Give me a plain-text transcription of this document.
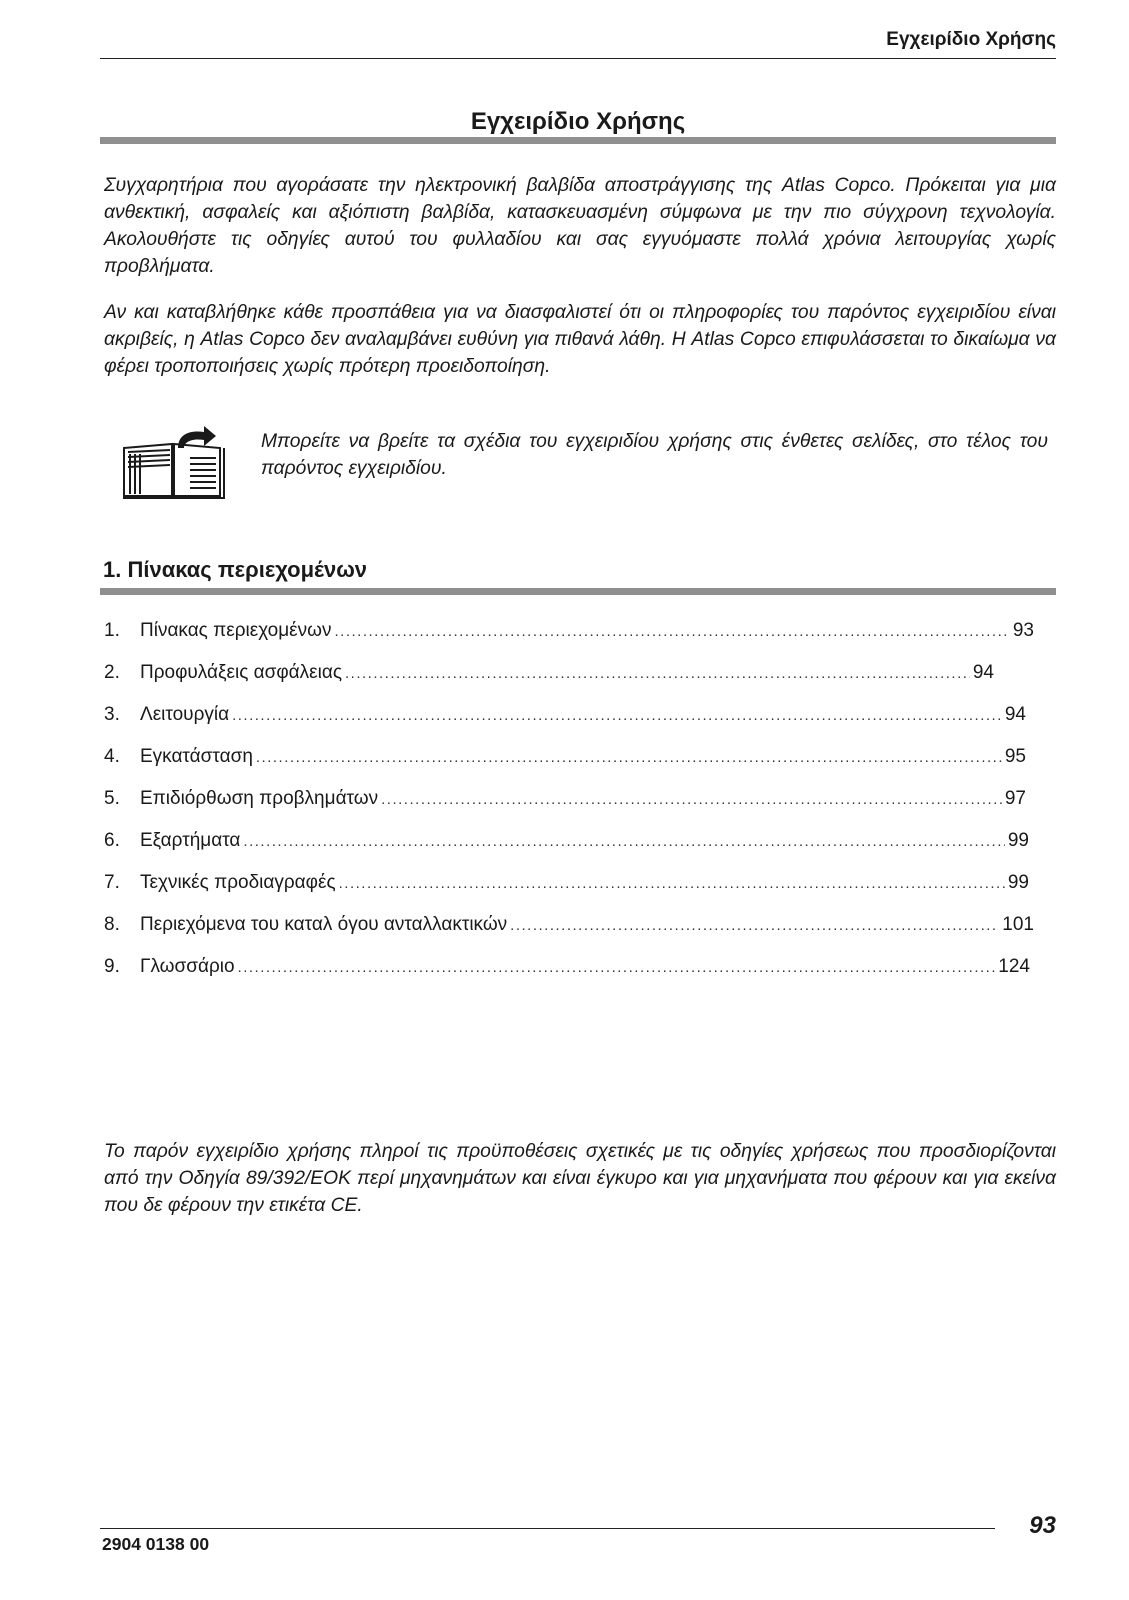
Εγχειρίδιο Χρήσης
Εγχειρίδιο Χρήσης

Συγχαρητήρια που αγοράσατε την ηλεκτρονική βαλβίδα αποστράγγισης της Atlas Copco. Πρόκειται για μια ανθεκτική, ασφαλείς και αξιόπιστη βαλβίδα, κατασκευασμένη σύμφωνα με την πιο σύγχρονη τεχνολογία. Ακολουθήστε τις οδηγίες αυτού του φυλλαδίου και σας εγγυόμαστε πολλά χρόνια λειτουργίας χωρίς προβλήματα.

Αν και καταβλήθηκε κάθε προσπάθεια για να διασφαλιστεί ότι οι πληροφορίες του παρόντος εγχειριδίου είναι ακριβείς, η Atlas Copco δεν αναλαμβάνει ευθύνη για πιθανά λάθη. Η Atlas Copco επιφυλάσσεται το δικαίωμα να φέρει τροποποιήσεις χωρίς πρότερη προειδοποίηση.

Μπορείτε να βρείτε τα σχέδια του εγχειριδίου χρήσης στις ένθετες σελίδες, στο τέλος του παρόντος εγχειριδίου.

1. Πίνακας περιεχομένων
1.	Πίνακας περιεχομένων .....	93
2.	Προφυλάξεις ασφάλειας .....	94
3.	Λειτουργία .....	94
4.	Εγκατάσταση .....	95
5.	Επιδιόρθωση προβλημάτων .....	97
6.	Εξαρτήματα .....	99
7.	Τεχνικές προδιαγραφές .....	99
8.	Περιεχόμενα του καταλ όγου ανταλλακτικών .....	101
9.	Γλωσσάριο .....	124

Το παρόν εγχειρίδιο χρήσης πληροί τις προϋποθέσεις σχετικές με τις οδηγίες χρήσεως που προσδιορίζονται από την Οδηγία 89/392/ΕΟΚ περί μηχανημάτων και είναι έγκυρο και για μηχανήματα που φέρουν και για εκείνα που δε φέρουν την ετικέτα CE.

2904 0138 00
93
